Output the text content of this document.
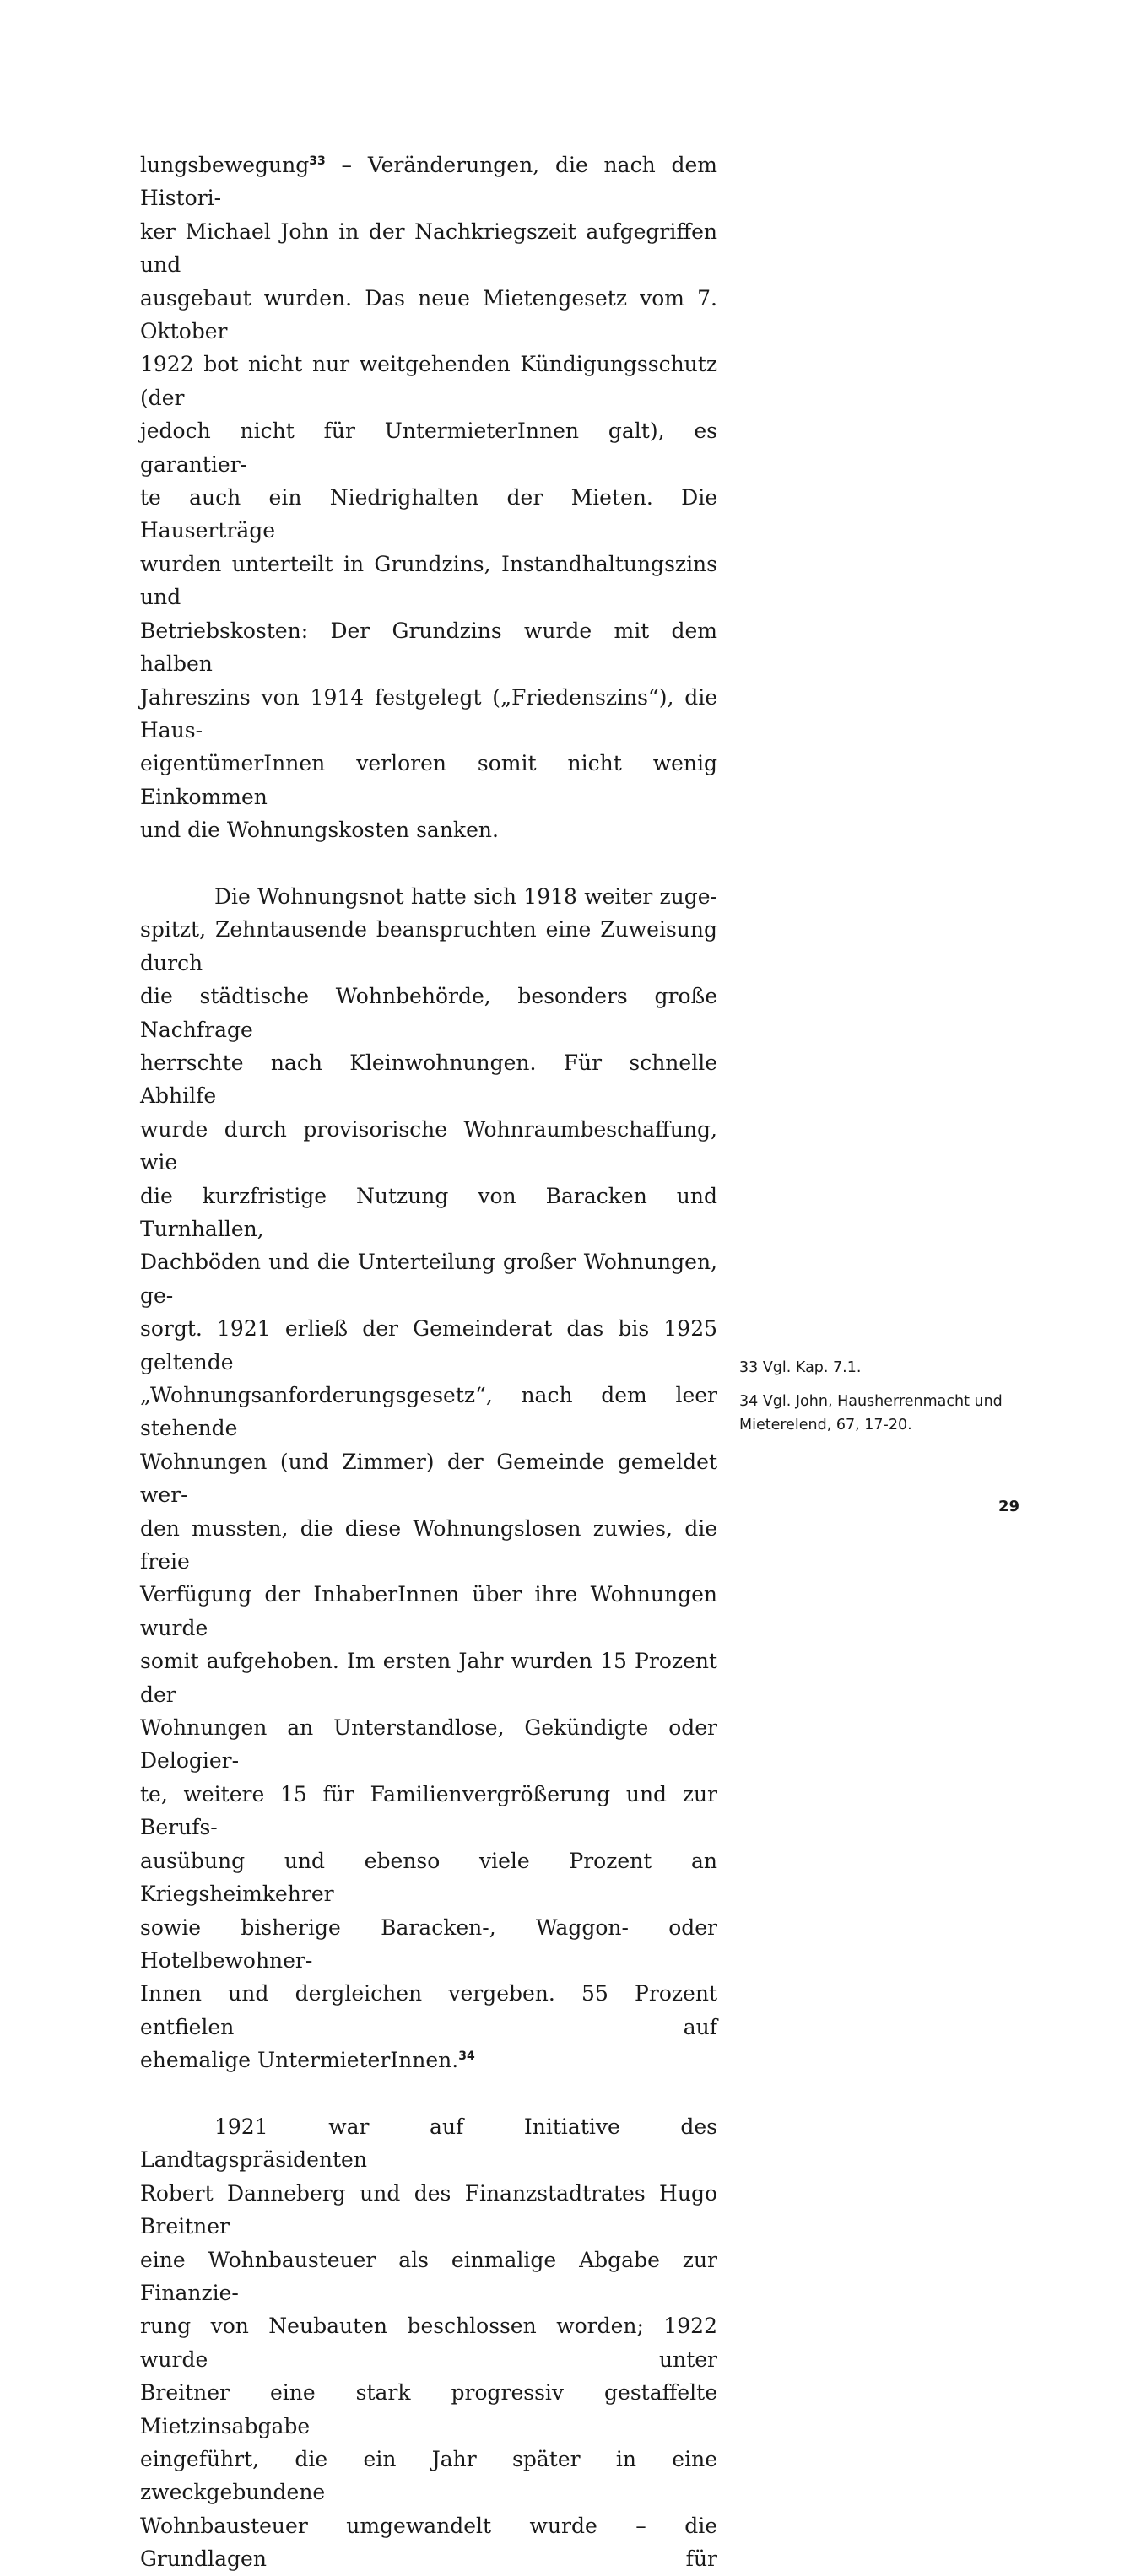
lungsbewegung$^{33}$ – Veränderungen, die nach dem Histori-
ker Michael John in der Nachkriegszeit aufgegriffen und
ausgebaut wurden. Das neue Mietengesetz vom 7. Oktober
1922 bot nicht nur weitgehenden Kündigungsschutz (der
jedoch nicht für UntermieterInnen galt), es garantier-
te auch ein Niedrighalten der Mieten. Die Hauserträge
wurden unterteilt in Grundzins, Instandhaltungszins und
Betriebskosten: Der Grundzins wurde mit dem halben
Jahreszins von 1914 festgelegt („Friedenszins“), die Haus-
eigentümerInnen verloren somit nicht wenig Einkommen
und die Wohnungskosten sanken.

Die Wohnungsnot hatte sich 1918 weiter zuge-
spitzt, Zehntausende beanspruchten eine Zuweisung durch
die städtische Wohnbehörde, besonders große Nachfrage
herrschte nach Kleinwohnungen. Für schnelle Abhilfe
wurde durch provisorische Wohnraumbeschaffung, wie
die kurzfristige Nutzung von Baracken und Turnhallen,
Dachböden und die Unterteilung großer Wohnungen, ge-
sorgt. 1921 erließ der Gemeinderat das bis 1925 geltende
„Wohnungsanforderungsgesetz“, nach dem leer stehende
Wohnungen (und Zimmer) der Gemeinde gemeldet wer-
den mussten, die diese Wohnungslosen zuwies, die freie
Verfügung der InhaberInnen über ihre Wohnungen wurde
somit aufgehoben. Im ersten Jahr wurden 15 Prozent der
Wohnungen an Unterstandlose, Gekündigte oder Delogier-
te, weitere 15 für Familienvergrößerung und zur Berufs-
ausübung und ebenso viele Prozent an Kriegsheimkehrer
sowie bisherige Baracken-, Waggon- oder Hotelbewohner-
Innen und dergleichen vergeben. 55 Prozent entfielen auf
ehemalige UntermieterInnen.$^{34}$

1921 war auf Initiative des Landtagspräsidenten
Robert Danneberg und des Finanzstadtrates Hugo Breitner
eine Wohnbausteuer als einmalige Abgabe zur Finanzie-
rung von Neubauten beschlossen worden; 1922 wurde unter
Breitner eine stark progressiv gestaffelte Mietzinsabgabe
eingeführt, die ein Jahr später in eine zweckgebundene
Wohnbausteuer umgewandelt wurde – die Grundlagen für

33 Vgl. Kap. 7.1.
34 Vgl. John, Hausherrenmacht und Mieterelend, 67, 17-20.
29
